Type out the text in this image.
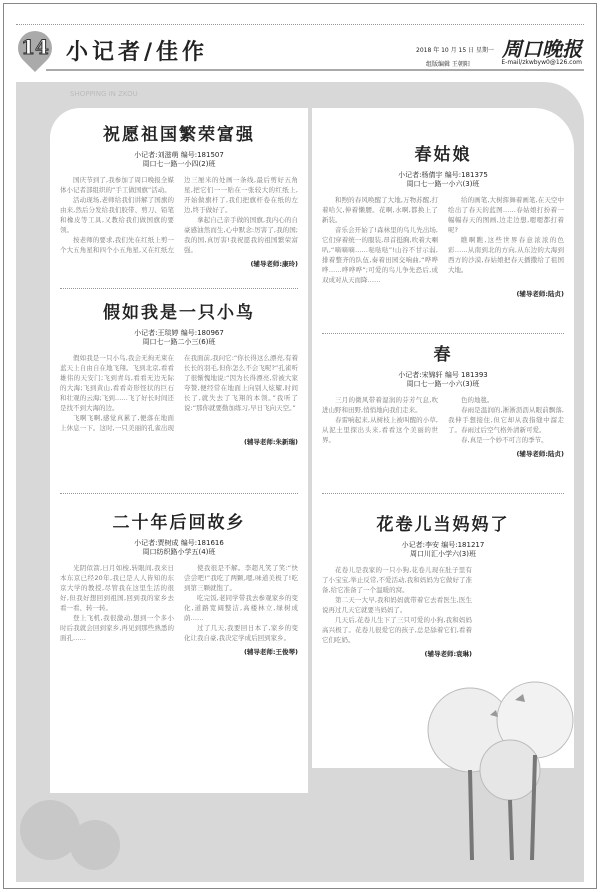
14 小记者/佳作	2018 年 10 月 15 日 星期一 周口晚报
组版编辑 王朝阳	E-mail/zkwbyw0@126.com
SHOPPING IN ZKOU
祝愿祖国繁荣富强
小记者:刘滋萌 编号:181507
周口七一路一小四(2)班

国庆节到了,我参加了周口晚报全媒体小记者部组织的“手工做国旗”活动。

活动现场,老师给我们讲解了国旗的由来,然后分发给我们胶带、剪刀、铅笔和橡皮等工具,又教给我们做国旗的要领。

按老师的要求,我们先在红纸上剪一个大五角星和四个小五角星,又在红纸左边三厘米的处画一条线,最后剪好五角星,把它们一一贴在一张较大的红纸上,开始做旗杆了,我们把旗杆卷在纸的左边,终于做好了。

拿起自己亲手做的国旗,我内心的自豪感油然而生,心中默念:厉害了,我的国;我的国,真厉害!我祝愿我的祖国繁荣富强。

(辅导老师:康玲)
假如我是一只小鸟
小记者:王琰婷 编号:180967
周口七一路二小三(6)班

假如我是一只小鸟,我会无拘无束在蓝天上自由自在地飞翔。飞到北京,看看雄伟的天安门;飞到青岛,看看无边无际的大海;飞到黄山,看看奇形怪状的巨石和壮观的云海;飞到……飞了好长时间还是找不到大海的边。

飞啊飞啊,感觉真累了,便落在地面上休息一下。这时,一只美丽的孔雀出现在我面前,我问它:“你长得这么漂亮,有着长长的羽毛,但你怎么不会飞呢?”孔雀听了很惭愧地说:“因为长得漂亮,常被大家夸赞,便经常在地面上向别人炫耀,时间长了,就失去了飞翔的本领。”我听了说:“那你就要勤加练习,早日飞向天空。”

(辅导老师:朱新瑞)
二十年后回故乡
小记者:贾树成 编号:181616
周口纺织路小学五(4)班

光阴似箭,日月如梭,转眼间,我来日本东京已经20年,我已是人人皆知的东京大学的教授,尽管我在这里生活的很好,但我好想回到祖国,回到我的家乡去看一看、转一转。

登上飞机,我很激动,想到一个多小时后我就会回到家乡,再见到那些熟悉的面孔……

使我很是不解。李超凡笑了笑:“快尝尝吧!”我吃了两颗,嗯,味道美极了!吃到第三颗就饱了。

吃完饭,老同学带我去参观家乡的变化,道路宽阔整洁,高楼林立,绿树成荫……

过了几天,我要回日本了,家乡的变化让我自豪,我决定学成后回到家乡。

(辅导老师:王俊琴)
春姑娘
小记者:杨倩宇 编号:181375
周口七一路一小六(3)班

和煦的春风唤醒了大地,万物苏醒,打着哈欠,伸着懒腰。花啊,水啊,都换上了新装。

音乐会开始了!森林里的鸟儿先出场,它们穿着统一的服装,昂首挺胸,吹着大喇叭,“嘀嘀嘀……哒哒哒”!山谷不甘示弱,排着整齐的队伍,奏着田园交响曲,“哗哗哗……哗哗哗”;可爱的鸟儿争先恐后,成双成对从天而降……

给的画笔,大树挥舞着画笔,在天空中绘出了春天的蓝图……春姑娘打扮着一幅幅春天的图画,边走边想,嗯嗯都打着呢?

瞧啊瞧,这些世界春意浓浓的色彩……从南到北的方向,从东边的大海到西方的沙漠,春姑娘把春天播撒给了祖国大地。

(辅导老师:陆贞)
春
小记者:宋锦轩 编号 181393
周口七一路一小六(3)班

三月的微风带着湿润的芬芳气息,吹进山野和田野,悄悄地向我们走来。

春雷响起来,从树枝上被叫醒的小草,从泥土里探出头来,看看这个美丽的世界。

色的地毯。

春雨是温润的,淅淅沥沥从眼前飘落,我伸手想接住,但它却从我指缝中溜走了。春雨过后空气格外清新可爱。

春,真是一个妙不可言的季节。

(辅导老师:陆贞)
花卷儿当妈妈了
小记者:李安 编号:181217
周口川汇小学六(3)班

花卷儿是我家的一只小狗,花卷儿现在肚子里有了小宝宝,举止反常,不爱活动,我和妈妈为它做好了准备,给它准备了一个温暖的窝。

第二天一大早,我和妈妈就带着它去看医生,医生说再过几天它就要当妈妈了。

几天后,花卷儿生下了三只可爱的小狗,我和妈妈高兴极了。花卷儿很爱它的孩子,总是舔着它们,看着它们吃奶。

(辅导老师:袁琳)
